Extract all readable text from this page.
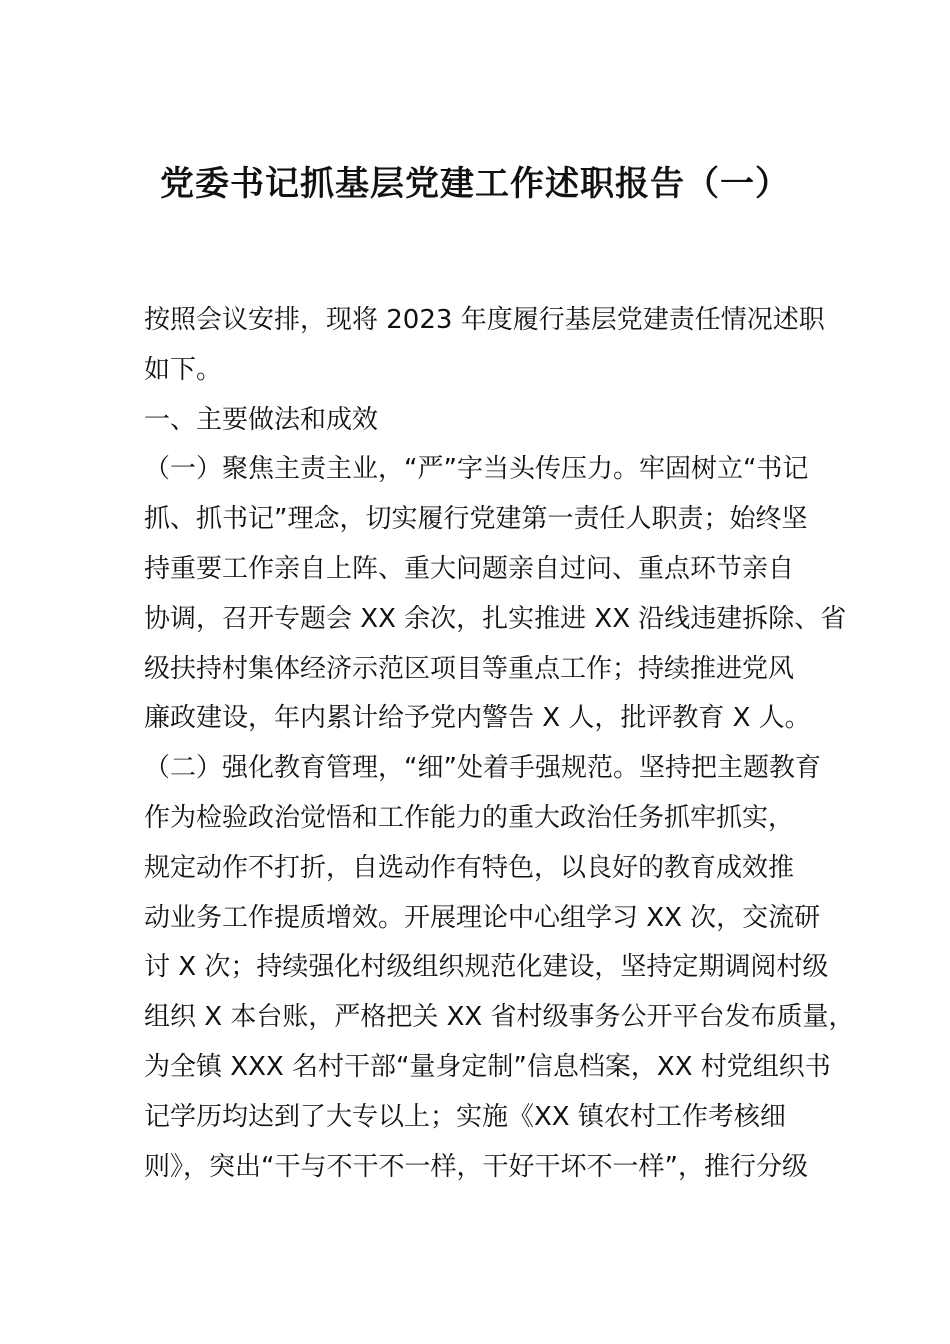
党委书记抓基层党建工作述职报告（一）
按照会议安排，现将 2023 年度履行基层党建责任情况述职
如下。
一、主要做法和成效
（一）聚焦主责主业，“严”字当头传压力。牢固树立“书记
抓、抓书记”理念，切实履行党建第一责任人职责；始终坚
持重要工作亲自上阵、重大问题亲自过问、重点环节亲自
协调，召开专题会 XX 余次，扎实推进 XX 沿线违建拆除、省
级扶持村集体经济示范区项目等重点工作；持续推进党风
廉政建设，年内累计给予党内警告 X 人，批评教育 X 人。
（二）强化教育管理，“细”处着手强规范。坚持把主题教育
作为检验政治觉悟和工作能力的重大政治任务抓牢抓实，
规定动作不打折，自选动作有特色，以良好的教育成效推
动业务工作提质增效。开展理论中心组学习 XX 次，交流研
讨 X 次；持续强化村级组织规范化建设，坚持定期调阅村级
组织 X 本台账，严格把关 XX 省村级事务公开平台发布质量，
为全镇 XXX 名村干部“量身定制”信息档案，XX 村党组织书
记学历均达到了大专以上；实施《XX 镇农村工作考核细
则》，突出“干与不干不一样，干好干坏不一样”，推行分级
